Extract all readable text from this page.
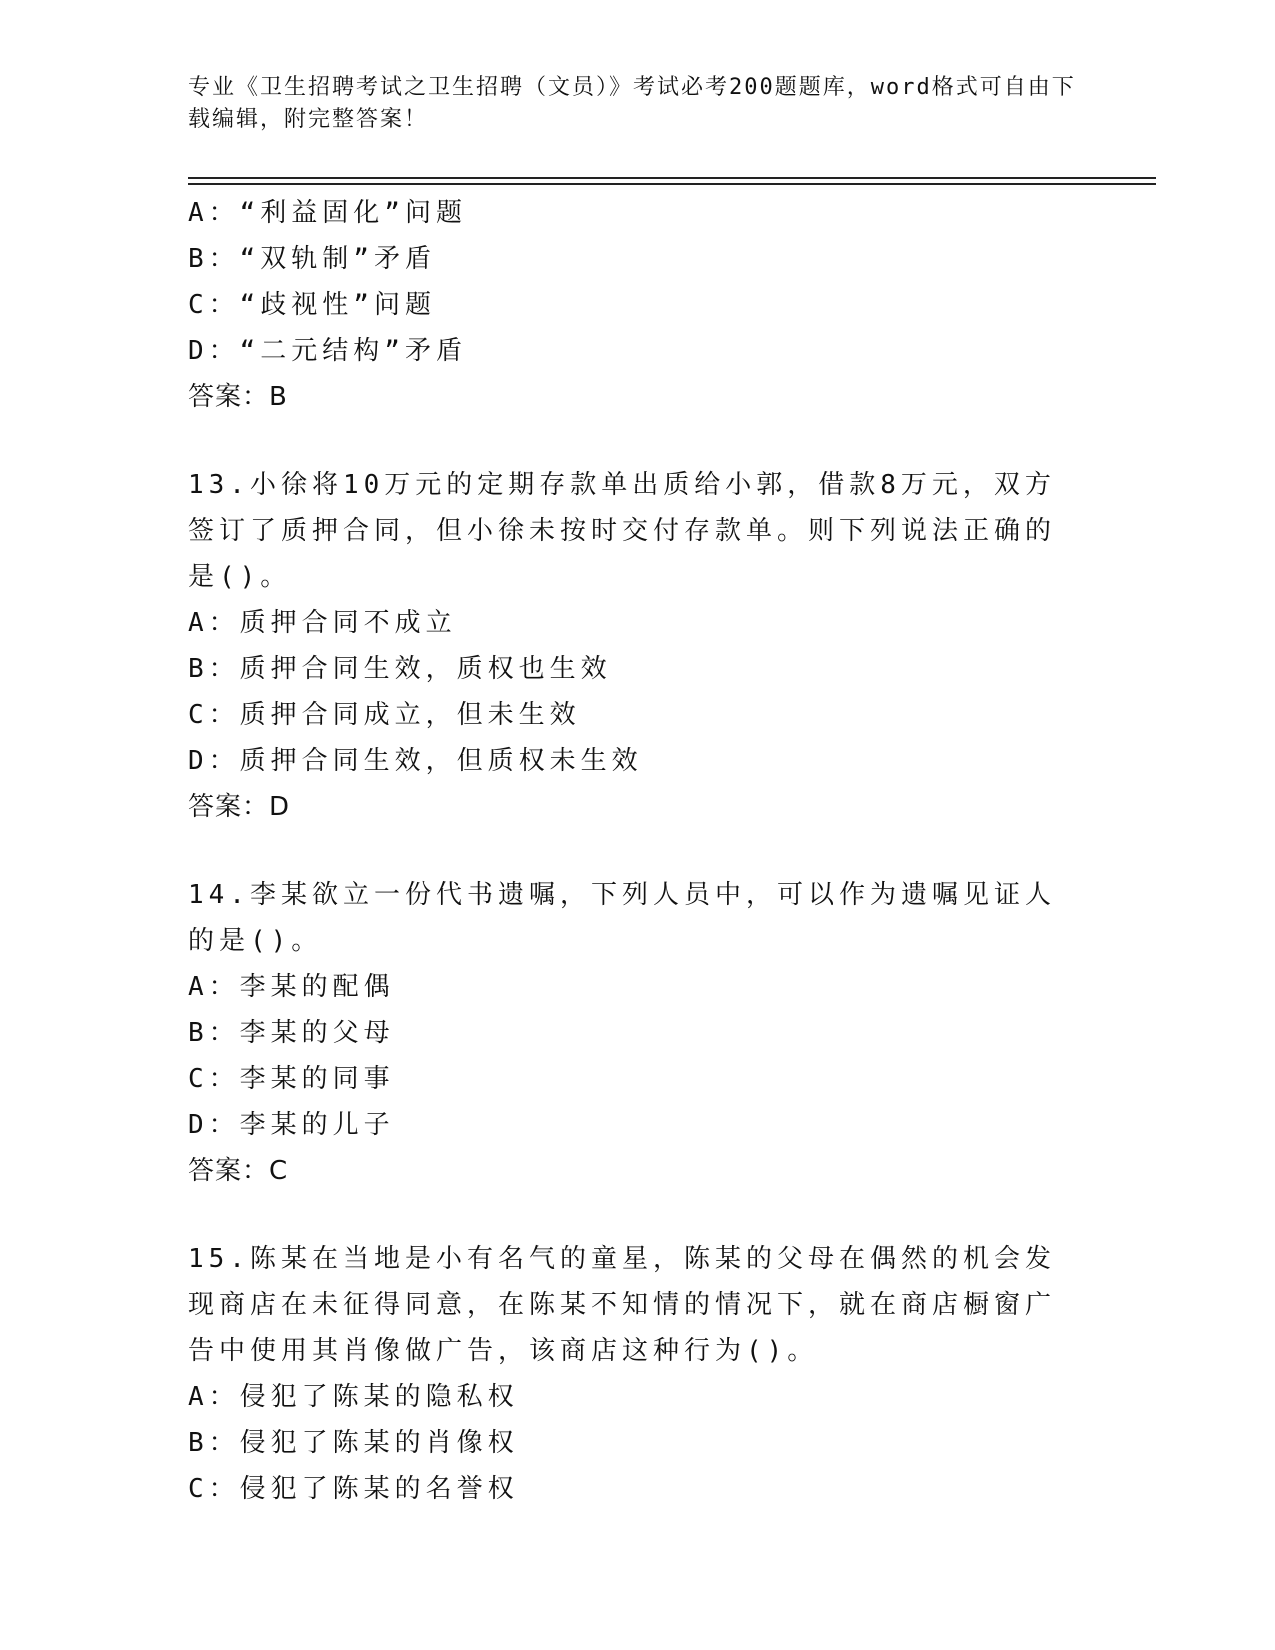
专业《卫生招聘考试之卫生招聘（文员）》考试必考200题题库，word格式可自由下载编辑，附完整答案！
A：“利益固化”问题
B：“双轨制”矛盾
C：“歧视性”问题
D：“二元结构”矛盾
答案：B
13.小徐将10万元的定期存款单出质给小郭，借款8万元，双方签订了质押合同，但小徐未按时交付存款单。则下列说法正确的是()。
A：质押合同不成立
B：质押合同生效，质权也生效
C：质押合同成立，但未生效
D：质押合同生效，但质权未生效
答案：D
14.李某欲立一份代书遗嘱，下列人员中，可以作为遗嘱见证人的是()。
A：李某的配偶
B：李某的父母
C：李某的同事
D：李某的儿子
答案：C
15.陈某在当地是小有名气的童星，陈某的父母在偶然的机会发现商店在未征得同意，在陈某不知情的情况下，就在商店橱窗广告中使用其肖像做广告，该商店这种行为()。
A：侵犯了陈某的隐私权
B：侵犯了陈某的肖像权
C：侵犯了陈某的名誉权
